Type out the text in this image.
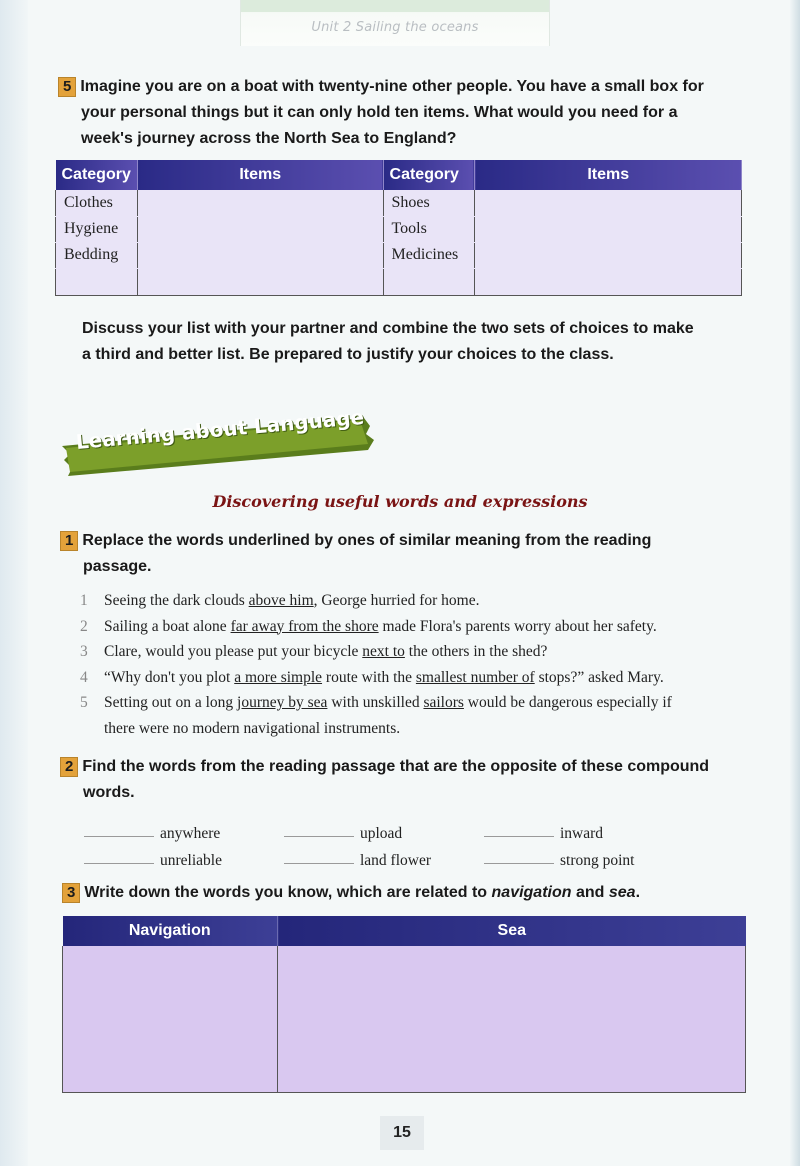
Unit 2 Sailing the oceans
5 Imagine you are on a boat with twenty-nine other people. You have a small box for
your personal things but it can only hold ten items. What would you need for a
week's journey across the North Sea to England?
Category	Items	Category	Items
Clothes		Shoes	
Hygiene		Tools	
Bedding		Medicines	

Discuss your list with your partner and combine the two sets of choices to make
a third and better list. Be prepared to justify your choices to the class.
Learning about Language
Discovering useful words and expressions
1 Replace the words underlined by ones of similar meaning from the reading
passage.
1	Seeing the dark clouds above him, George hurried for home.
2	Sailing a boat alone far away from the shore made Flora's parents worry about her safety.
3	Clare, would you please put your bicycle next to the others in the shed?
4	“Why don't you plot a more simple route with the smallest number of stops?” asked Mary.
5	Setting out on a long journey by sea with unskilled sailors would be dangerous especially if
there were no modern navigational instruments.
2 Find the words from the reading passage that are the opposite of these compound
words.
anywhere	upload	inward
unreliable	land flower	strong point
3 Write down the words you know, which are related to navigation and sea.
Navigation	Sea

15
